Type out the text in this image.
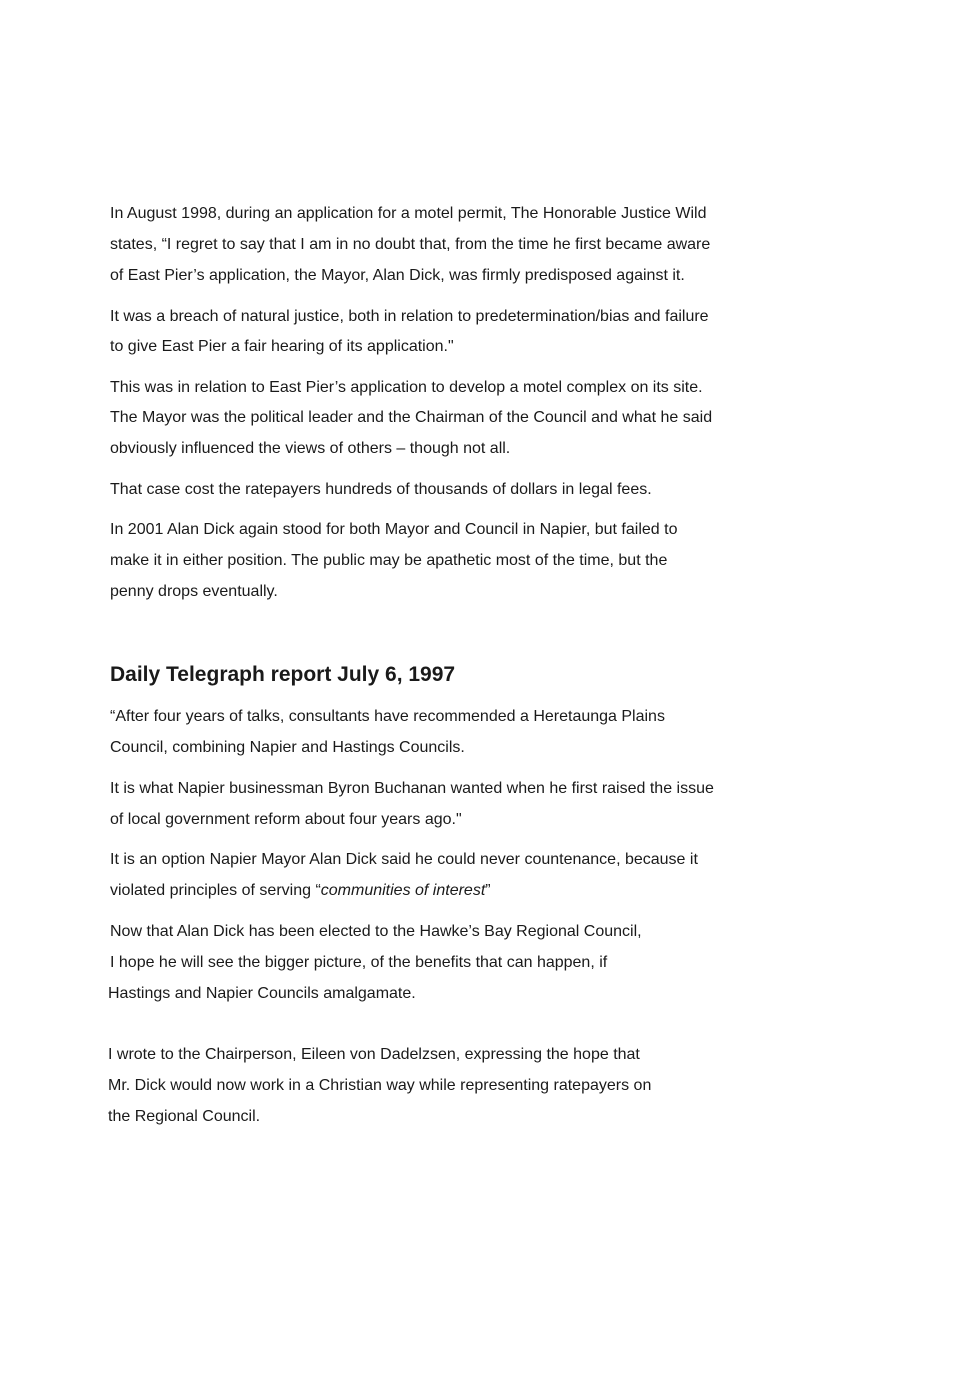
In August 1998, during an application for a motel permit, The Honorable Justice Wild
states, “I regret to say that I am in no doubt that, from the time he first became aware
of East Pier’s application, the Mayor, Alan Dick, was firmly predisposed against it.
It was a breach of natural justice, both in relation to predetermination/bias and failure
to give East Pier a fair hearing of its application."
This was in relation to East Pier’s application to develop a motel complex on its site.
The Mayor was the political leader and the Chairman of the Council and what he said
obviously influenced the views of others – though not all.
That case cost the ratepayers hundreds of thousands of dollars in legal fees.
In 2001 Alan Dick again stood for both Mayor and Council in Napier, but failed to
make it in either position. The public may be apathetic most of the time, but the
penny drops eventually.
Daily Telegraph report July 6, 1997
“After four years of talks, consultants have recommended a Heretaunga Plains
Council, combining Napier and Hastings Councils.
It is what Napier businessman Byron Buchanan wanted when he first raised the issue
of local government reform about four years ago."
It is an option Napier Mayor Alan Dick said he could never countenance, because it
violated principles of serving “communities of interest”
Now that Alan Dick has been elected to the Hawke’s Bay Regional Council,
I hope he will see the bigger picture, of the benefits that can happen, if
Hastings and Napier Councils amalgamate.
I wrote to the Chairperson, Eileen von Dadelzsen, expressing the hope that
Mr. Dick would now work in a Christian way while representing ratepayers on
the Regional Council.
